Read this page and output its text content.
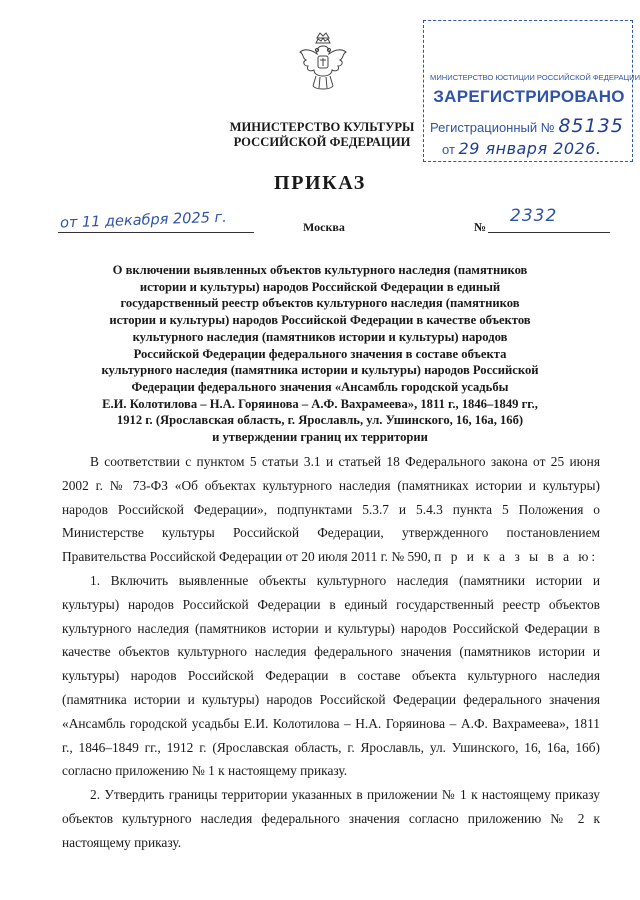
МИНИСТЕРСТВО КУЛЬТУРЫ
РОССИЙСКОЙ ФЕДЕРАЦИИ
МИНИСТЕРСТВО ЮСТИЦИИ РОССИЙСКОЙ ФЕДЕРАЦИИ
ЗАРЕГИСТРИРОВАНО
Регистрационный № 85135
от 29 января 2026.
ПРИКАЗ
от 11 декабря 2025 г.	Москва	№
2332
О включении выявленных объектов культурного наследия (памятников
истории и культуры) народов Российской Федерации в единый
государственный реестр объектов культурного наследия (памятников
истории и культуры) народов Российской Федерации в качестве объектов
культурного наследия (памятников истории и культуры) народов
Российской Федерации федерального значения в составе объекта
культурного наследия (памятника истории и культуры) народов Российской
Федерации федерального значения «Ансамбль городской усадьбы
Е.И. Колотилова – Н.А. Горяинова – А.Ф. Вахрамеева», 1811 г., 1846–1849 гг.,
1912 г. (Ярославская область, г. Ярославль, ул. Ушинского, 16, 16а, 16б)
и утверждении границ их территории

В соответствии с пунктом 5 статьи 3.1 и статьей 18 Федерального закона от 25 июня 2002 г. № 73-ФЗ «Об объектах культурного наследия (памятниках истории и культуры) народов Российской Федерации», подпунктами 5.3.7 и 5.4.3 пункта 5 Положения о Министерстве культуры Российской Федерации, утвержденного постановлением Правительства Российской Федерации от 20 июля 2011 г. № 590, п р и к а з ы в а ю:

1. Включить выявленные объекты культурного наследия (памятники истории и культуры) народов Российской Федерации в единый государственный реестр объектов культурного наследия (памятников истории и культуры) народов Российской Федерации в качестве объектов культурного наследия федерального значения (памятников истории и культуры) народов Российской Федерации в составе объекта культурного наследия (памятника истории и культуры) народов Российской Федерации федерального значения «Ансамбль городской усадьбы Е.И. Колотилова – Н.А. Горяинова – А.Ф. Вахрамеева», 1811 г., 1846–1849 гг., 1912 г. (Ярославская область, г. Ярославль, ул. Ушинского, 16, 16а, 16б) согласно приложению № 1 к настоящему приказу.

2. Утвердить границы территории указанных в приложении № 1 к настоящему приказу объектов культурного наследия федерального значения согласно приложению № 2 к настоящему приказу.
